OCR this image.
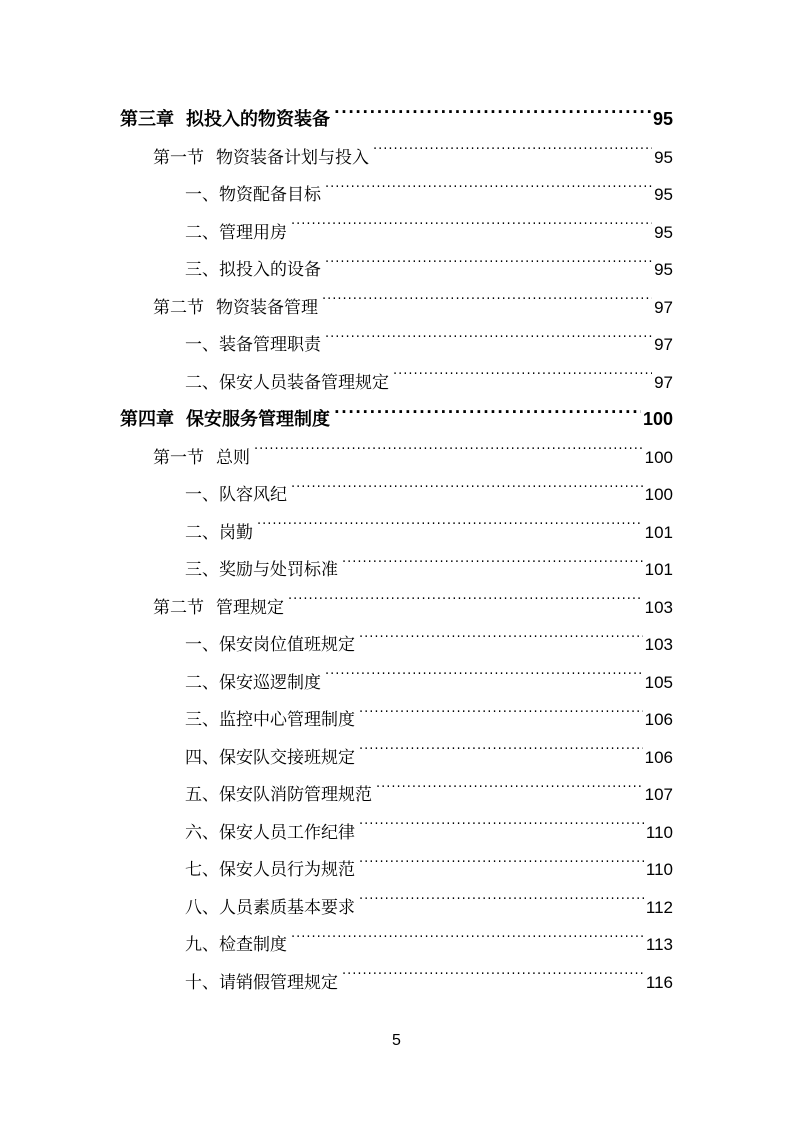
第三章 拟投入的物资装备 .....	95
第一节 物资装备计划与投入 .....	95
一、 物资配备目标 .....	95
二、 管理用房 .....	95
三、 拟投入的设备 .....	95
第二节 物资装备管理 .....	97
一、 装备管理职责 .....	97
二、 保安人员装备管理规定 .....	97
第四章 保安服务管理制度 .....	100
第一节 总则 .....	100
一、 队容风纪 .....	100
二、 岗勤 .....	101
三、 奖励与处罚标准 .....	101
第二节 管理规定 .....	103
一、 保安岗位值班规定 .....	103
二、 保安巡逻制度 .....	105
三、 监控中心管理制度 .....	106
四、 保安队交接班规定 .....	106
五、 保安队消防管理规范 .....	107
六、 保安人员工作纪律 .....	110
七、 保安人员行为规范 .....	110
八、 人员素质基本要求 .....	112
九、 检查制度 .....	113
十、 请销假管理规定 .....	116
5
